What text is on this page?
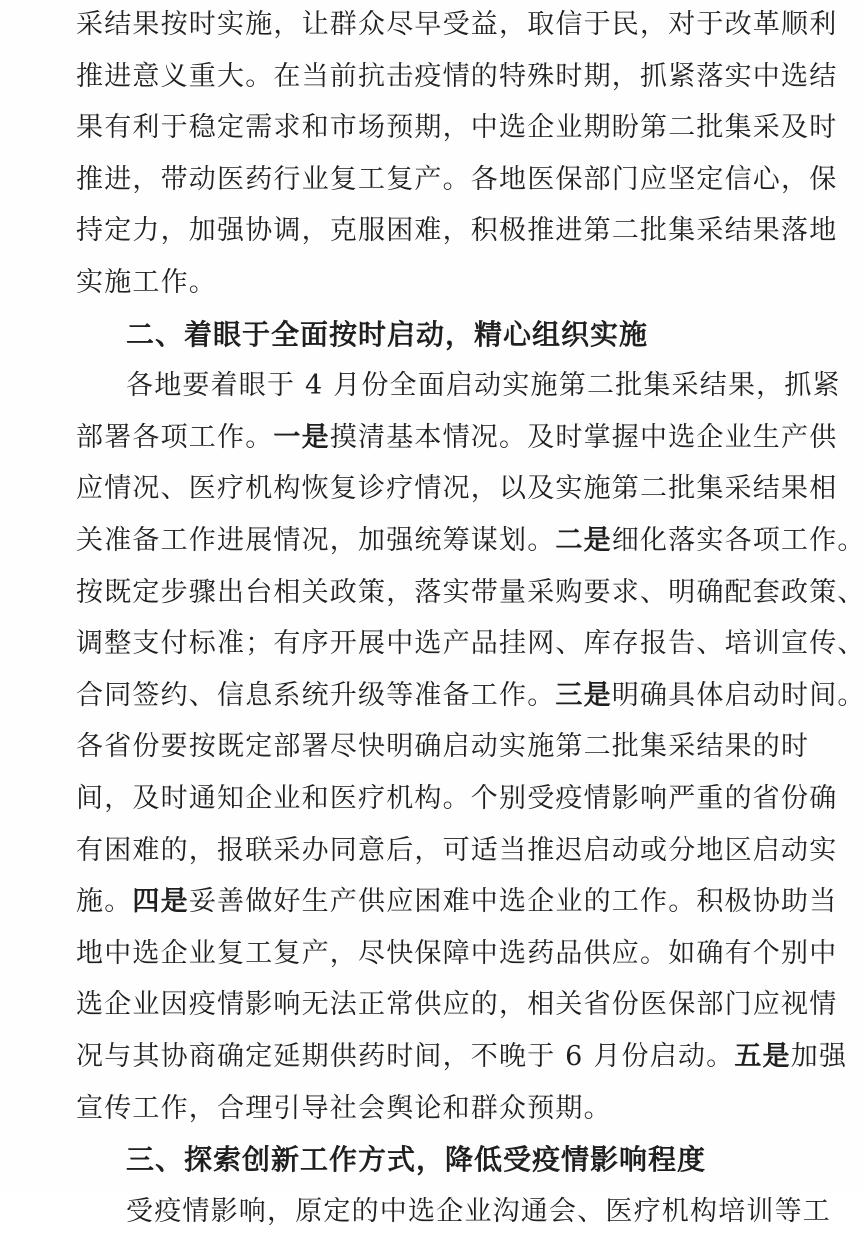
采结果按时实施，让群众尽早受益，取信于民，对于改革顺利
推进意义重大。在当前抗击疫情的特殊时期，抓紧落实中选结
果有利于稳定需求和市场预期，中选企业期盼第二批集采及时
推进，带动医药行业复工复产。各地医保部门应坚定信心，保
持定力，加强协调，克服困难，积极推进第二批集采结果落地
实施工作。
二、着眼于全面按时启动，精心组织实施
各地要着眼于 4 月份全面启动实施第二批集采结果，抓紧
部署各项工作。一是摸清基本情况。及时掌握中选企业生产供
应情况、医疗机构恢复诊疗情况，以及实施第二批集采结果相
关准备工作进展情况，加强统筹谋划。二是细化落实各项工作。
按既定步骤出台相关政策，落实带量采购要求、明确配套政策、
调整支付标准；有序开展中选产品挂网、库存报告、培训宣传、
合同签约、信息系统升级等准备工作。三是明确具体启动时间。
各省份要按既定部署尽快明确启动实施第二批集采结果的时
间，及时通知企业和医疗机构。个别受疫情影响严重的省份确
有困难的，报联采办同意后，可适当推迟启动或分地区启动实
施。四是妥善做好生产供应困难中选企业的工作。积极协助当
地中选企业复工复产，尽快保障中选药品供应。如确有个别中
选企业因疫情影响无法正常供应的，相关省份医保部门应视情
况与其协商确定延期供药时间，不晚于 6 月份启动。五是加强
宣传工作，合理引导社会舆论和群众预期。
三、探索创新工作方式，降低受疫情影响程度
受疫情影响，原定的中选企业沟通会、医疗机构培训等工
